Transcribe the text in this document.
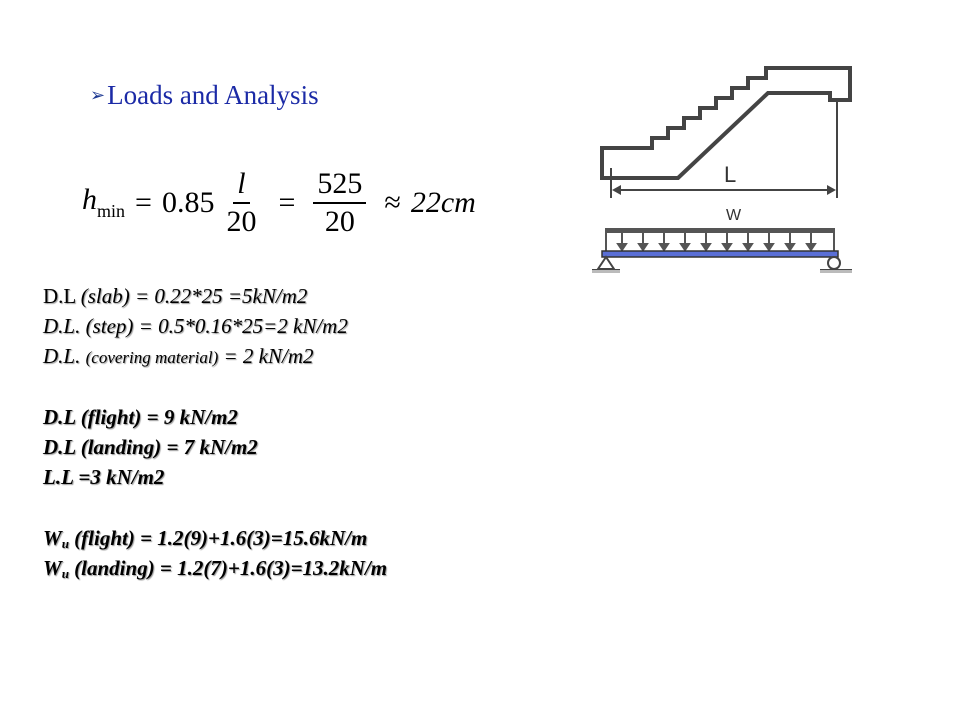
➢ Loads and Analysis
$h_{min} = 0.85 \frac{l}{20} = \frac{525}{20} \approx 22cm$
D.L (slab) = 0.22*25 =5kN/m2
D.L. (step) = 0.5*0.16*25=2 kN/m2
D.L. (covering material) = 2 kN/m2
D.L (flight) = 9 kN/m2
D.L (landing) = 7 kN/m2
L.L =3 kN/m2
Wu (flight) = 1.2(9)+1.6(3)=15.6kN/m
Wu (landing) = 1.2(7)+1.6(3)=13.2kN/m
L
W
